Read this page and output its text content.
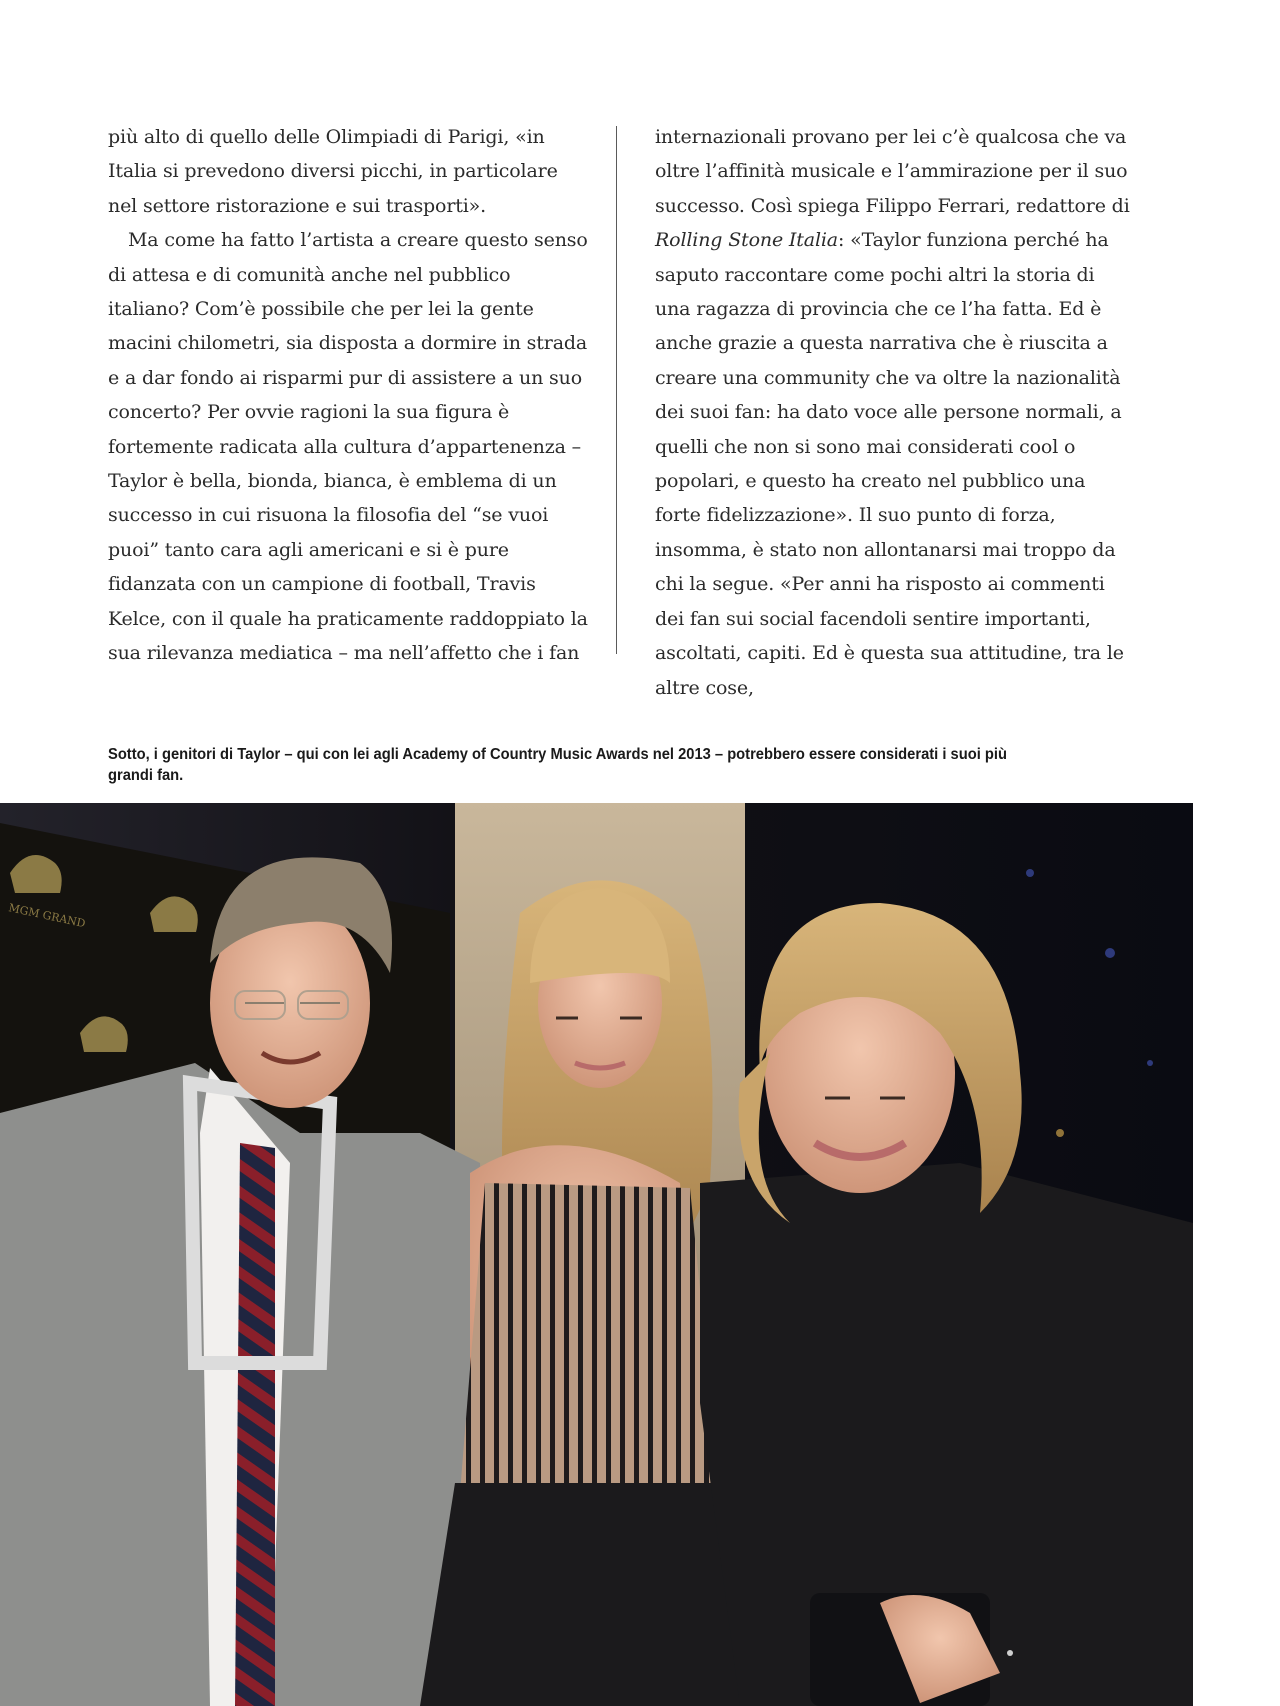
più alto di quello delle Olimpiadi di Parigi, «in Italia si prevedono diversi picchi, in particolare nel settore ristorazione e sui trasporti».

Ma come ha fatto l’artista a creare questo senso di attesa e di comunità anche nel pubblico italiano? Com’è possibile che per lei la gente macini chilometri, sia disposta a dormire in strada e a dar fondo ai risparmi pur di assistere a un suo concerto? Per ovvie ragioni la sua figura è fortemente radicata alla cultura d’appartenenza – Taylor è bella, bionda, bianca, è emblema di un successo in cui risuona la filosofia del “se vuoi puoi” tanto cara agli americani e si è pure fidanzata con un campione di football, Travis Kelce, con il quale ha praticamente raddoppiato la sua rilevanza mediatica – ma nell’affetto che i fan

internazionali provano per lei c’è qualcosa che va oltre l’affinità musicale e l’ammirazione per il suo successo. Così spiega Filippo Ferrari, redattore di Rolling Stone Italia: «Taylor funziona perché ha saputo raccontare come pochi altri la storia di una ragazza di provincia che ce l’ha fatta. Ed è anche grazie a questa narrativa che è riuscita a creare una community che va oltre la nazionalità dei suoi fan: ha dato voce alle persone normali, a quelli che non si sono mai considerati cool o popolari, e questo ha creato nel pubblico una forte fidelizzazione». Il suo punto di forza, insomma, è stato non allontanarsi mai troppo da chi la segue. «Per anni ha risposto ai commenti dei fan sui social facendoli sentire importanti, ascoltati, capiti. Ed è questa sua attitudine, tra le altre cose,

Sotto, i genitori di Taylor – qui con lei agli Academy of Country Music Awards nel 2013 – potrebbero essere considerati i suoi più grandi fan.
MGM GRAND
